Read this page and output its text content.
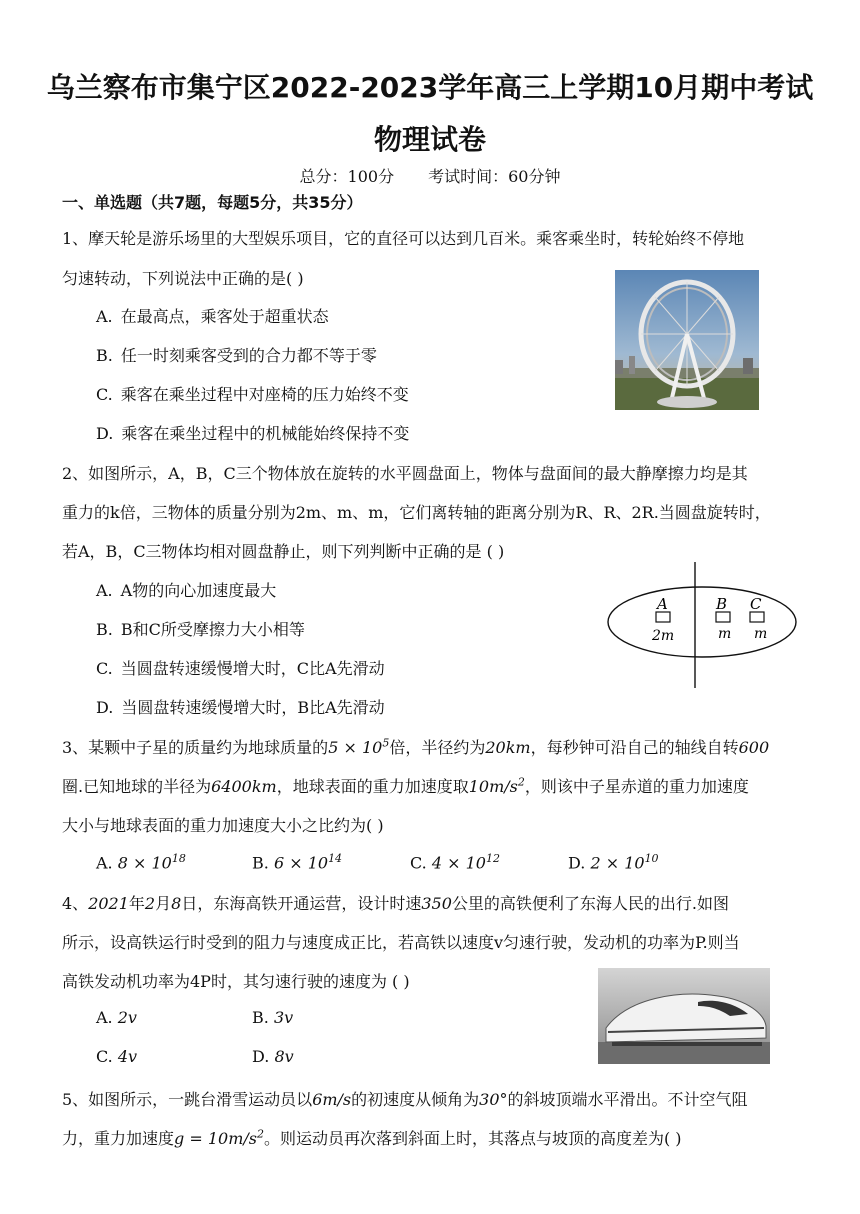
乌兰察布市集宁区2022-2023学年高三上学期10月期中考试
物理试卷
总分：100分 考试时间：60分钟
一、单选题（共7题，每题5分，共35分）
1、摩天轮是游乐场里的大型娱乐项目，它的直径可以达到几百米。乘客乘坐时，转轮始终不停地
匀速转动，下列说法中正确的是( )
A. 在最高点，乘客处于超重状态
B. 任一时刻乘客受到的合力都不等于零
C. 乘客在乘坐过程中对座椅的压力始终不变
D. 乘客在乘坐过程中的机械能始终保持不变
2、如图所示，A，B，C三个物体放在旋转的水平圆盘面上，物体与盘面间的最大静摩擦力均是其
重力的k倍，三物体的质量分别为2m、m、m，它们离转轴的距离分别为R、R、2R.当圆盘旋转时，
若A，B，C三物体均相对圆盘静止，则下列判断中正确的是 ( )
A. A物的向心加速度最大
B. B和C所受摩擦力大小相等
C. 当圆盘转速缓慢增大时，C比A先滑动
D. 当圆盘转速缓慢增大时，B比A先滑动
A	B C
2m	m m
3、某颗中子星的质量约为地球质量的$5 \times 10^5$倍，半径约为20km，每秒钟可沿自己的轴线自转600
圈.已知地球的半径为6400km，地球表面的重力加速度取$10m/s^2$，则该中子星赤道的重力加速度
大小与地球表面的重力加速度大小之比约为( )
A. $8 \times 10^{18}$	B. $6 \times 10^{14}$	C. $4 \times 10^{12}$	D. $2 \times 10^{10}$
4、2021年2月8日，东海高铁开通运营，设计时速350公里的高铁便利了东海人民的出行.如图
所示，设高铁运行时受到的阻力与速度成正比，若高铁以速度v匀速行驶，发动机的功率为P.则当
高铁发动机功率为4P时，其匀速行驶的速度为 ( )
A. 2v	B. 3v
C. 4v	D. 8v
5、如图所示，一跳台滑雪运动员以6m/s的初速度从倾角为30°的斜坡顶端水平滑出。不计空气阻
力，重力加速度$g = 10m/s^2$。则运动员再次落到斜面上时，其落点与坡顶的高度差为( )
